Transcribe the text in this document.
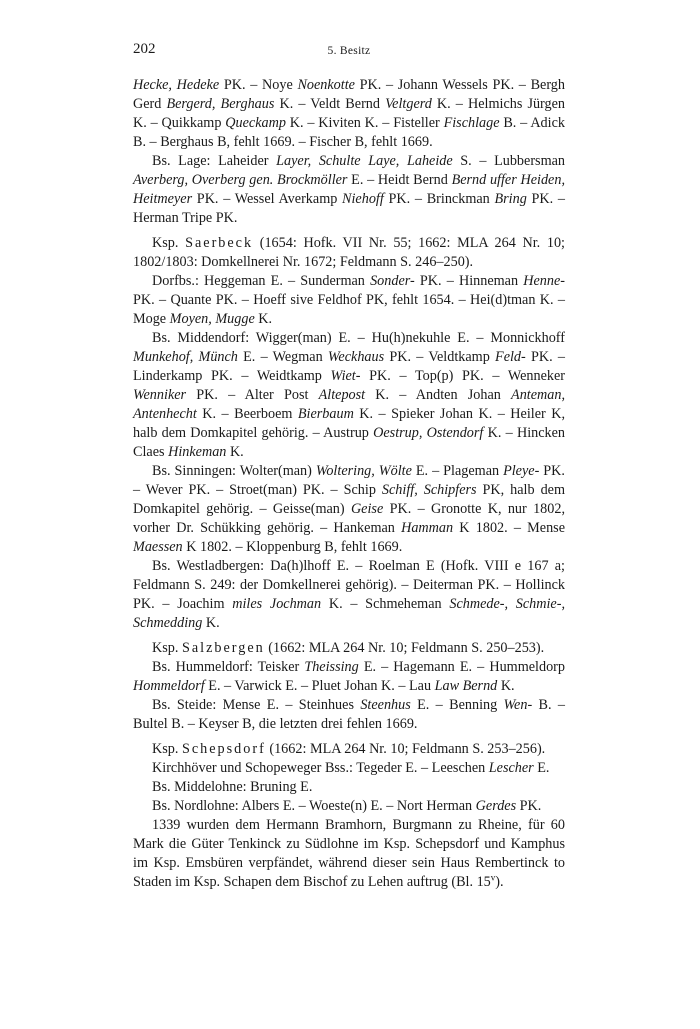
202	5. Besitz

Hecke, Hedeke PK. – Noye Noenkotte PK. – Johann Wessels PK. – Bergh Gerd Bergerd, Berghaus K. – Veldt Bernd Veltgerd K. – Helmichs Jürgen K. – Quikkamp Queckamp K. – Kiviten K. – Fisteller Fischlage B. – Adick B. – Berghaus B, fehlt 1669. – Fischer B, fehlt 1669.

Bs. Lage: Laheider Layer, Schulte Laye, Laheide S. – Lubbersman Averberg, Overberg gen. Brockmöller E. – Heidt Bernd Bernd uffer Heiden, Heitmeyer PK. – Wessel Averkamp Niehoff PK. – Brinckman Bring PK. – Herman Tripe PK.

Ksp. Saerbeck (1654: Hofk. VII Nr. 55; 1662: MLA 264 Nr. 10; 1802/1803: Domkellnerei Nr. 1672; Feldmann S. 246–250).

Dorfbs.: Heggeman E. – Sunderman Sonder- PK. – Hinneman Henne- PK. – Quante PK. – Hoeff sive Feldhof PK, fehlt 1654. – Hei(d)tman K. – Moge Moyen, Mugge K.

Bs. Middendorf: Wigger(man) E. – Hu(h)nekuhle E. – Monnickhoff Munkehof, Münch E. – Wegman Weckhaus PK. – Veldtkamp Feld- PK. – Linderkamp PK. – Weidtkamp Wiet- PK. – Top(p) PK. – Wenneker Wenniker PK. – Alter Post Altepost K. – Andten Johan Anteman, Antenhecht K. – Beerboem Bierbaum K. – Spieker Johan K. – Heiler K, halb dem Domkapitel gehörig. – Austrup Oestrup, Ostendorf K. – Hincken Claes Hinkeman K.

Bs. Sinningen: Wolter(man) Woltering, Wölte E. – Plageman Pleye- PK. – Wever PK. – Stroet(man) PK. – Schip Schiff, Schipfers PK, halb dem Domkapitel gehörig. – Geisse(man) Geise PK. – Gronotte K, nur 1802, vorher Dr. Schükking gehörig. – Hankeman Hamman K 1802. – Mense Maessen K 1802. – Kloppenburg B, fehlt 1669.

Bs. Westladbergen: Da(h)lhoff E. – Roelman E (Hofk. VIII e 167 a; Feldmann S. 249: der Domkellnerei gehörig). – Deiterman PK. – Hollinck PK. – Joachim miles Jochman K. – Schmeheman Schmede-, Schmie-, Schmedding K.

Ksp. Salzbergen (1662: MLA 264 Nr. 10; Feldmann S. 250–253).

Bs. Hummeldorf: Teisker Theissing E. – Hagemann E. – Hummeldorp Hommeldorf E. – Varwick E. – Pluet Johan K. – Lau Law Bernd K.

Bs. Steide: Mense E. – Steinhues Steenhus E. – Benning Wen- B. – Bultel B. – Keyser B, die letzten drei fehlen 1669.

Ksp. Schepsdorf (1662: MLA 264 Nr. 10; Feldmann S. 253–256).

Kirchhöver und Schopeweger Bss.: Tegeder E. – Leeschen Lescher E.

Bs. Middelohne: Bruning E.

Bs. Nordlohne: Albers E. – Woeste(n) E. – Nort Herman Gerdes PK.

1339 wurden dem Hermann Bramhorn, Burgmann zu Rheine, für 60 Mark die Güter Tenkinck zu Südlohne im Ksp. Schepsdorf und Kamphus im Ksp. Emsbüren verpfändet, während dieser sein Haus Rembertinck to Staden im Ksp. Schapen dem Bischof zu Lehen auftrug (Bl. 15$^v$).
